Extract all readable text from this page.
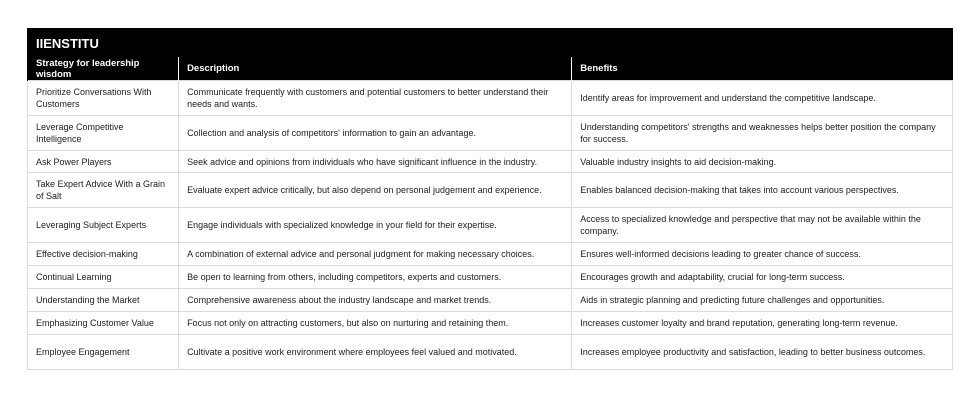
IIENSTITU
Strategy for leadership wisdom	Description	Benefits
Prioritize Conversations With Customers	Communicate frequently with customers and potential customers to better understand their needs and wants.	Identify areas for improvement and understand the competitive landscape.
Leverage Competitive Intelligence	Collection and analysis of competitors' information to gain an advantage.	Understanding competitors' strengths and weaknesses helps better position the company for success.
Ask Power Players	Seek advice and opinions from individuals who have significant influence in the industry.	Valuable industry insights to aid decision-making.
Take Expert Advice With a Grain of Salt	Evaluate expert advice critically, but also depend on personal judgement and experience.	Enables balanced decision-making that takes into account various perspectives.
Leveraging Subject Experts	Engage individuals with specialized knowledge in your field for their expertise.	Access to specialized knowledge and perspective that may not be available within the company.
Effective decision-making	A combination of external advice and personal judgment for making necessary choices.	Ensures well-informed decisions leading to greater chance of success.
Continual Learning	Be open to learning from others, including competitors, experts and customers.	Encourages growth and adaptability, crucial for long-term success.
Understanding the Market	Comprehensive awareness about the industry landscape and market trends.	Aids in strategic planning and predicting future challenges and opportunities.
Emphasizing Customer Value	Focus not only on attracting customers, but also on nurturing and retaining them.	Increases customer loyalty and brand reputation, generating long-term revenue.
Employee Engagement	Cultivate a positive work environment where employees feel valued and motivated.	Increases employee productivity and satisfaction, leading to better business outcomes.
